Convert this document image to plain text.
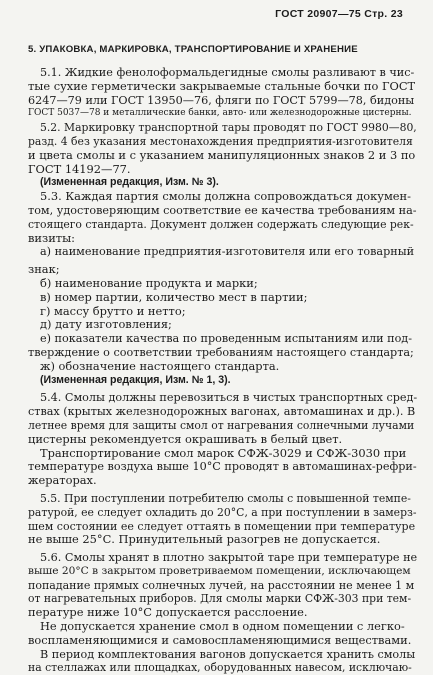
ГОСТ 20907—75 Стр. 23
5. УПАКОВКА, МАРКИРОВКА, ТРАНСПОРТИРОВАНИЕ И ХРАНЕНИЕ
5.1. Жидкие фенолоформальдегидные смолы разливают в чис-
тые сухие герметически закрываемые стальные бочки по ГОСТ
6247—79 или ГОСТ 13950—76, фляги по ГОСТ 5799—78, бидоны
ГОСТ 5037—78 и металлические банки, авто- или железнодорожные цистерны.
5.2. Маркировку транспортной тары проводят по ГОСТ 9980—80,
разд. 4 без указания местонахождения предприятия-изготовителя
и цвета смолы и с указанием манипуляционных знаков 2 и 3 по
ГОСТ 14192—77.
(Измененная редакция, Изм. № 3).
5.3. Каждая партия смолы должна сопровождаться докумен-
том, удостоверяющим соответствие ее качества требованиям на-
стоящего стандарта. Документ должен содержать следующие рек-
визиты:
а) наименование предприятия-изготовителя или его товарный
знак;
б) наименование продукта и марки;
в) номер партии, количество мест в партии;
г) массу брутто и нетто;
д) дату изготовления;
е) показатели качества по проведенным испытаниям или под-
тверждение о соответствии требованиям настоящего стандарта;
ж) обозначение настоящего стандарта.
(Измененная редакция, Изм. № 1, 3).
5.4. Смолы должны перевозиться в чистых транспортных сред-
ствах (крытых железнодорожных вагонах, автомашинах и др.). В
летнее время для защиты смол от нагревания солнечными лучами
цистерны рекомендуется окрашивать в белый цвет.
Транспортирование смол марок СФЖ-3029 и СФЖ-3030 при
температуре воздуха выше 10°С проводят в автомашинах-рефри-
жераторах.
5.5. При поступлении потребителю смолы с повышенной темпе-
ратурой, ее следует охладить до 20°С, а при поступлении в замерз-
шем состоянии ее следует оттаять в помещении при температуре
не выше 25°С. Принудительный разогрев не допускается.
5.6. Смолы хранят в плотно закрытой таре при температуре не
выше 20°С в закрытом проветриваемом помещении, исключающем
попадание прямых солнечных лучей, на расстоянии не менее 1 м
от нагревательных приборов. Для смолы марки СФЖ-303 при тем-
пературе ниже 10°С допускается расслоение.
Не допускается хранение смол в одном помещении с легко-
воспламеняющимися и самовоспламеняющимися веществами.
В период комплектования вагонов допускается хранить смолы
на стеллажах или площадках, оборудованных навесом, исключаю-
